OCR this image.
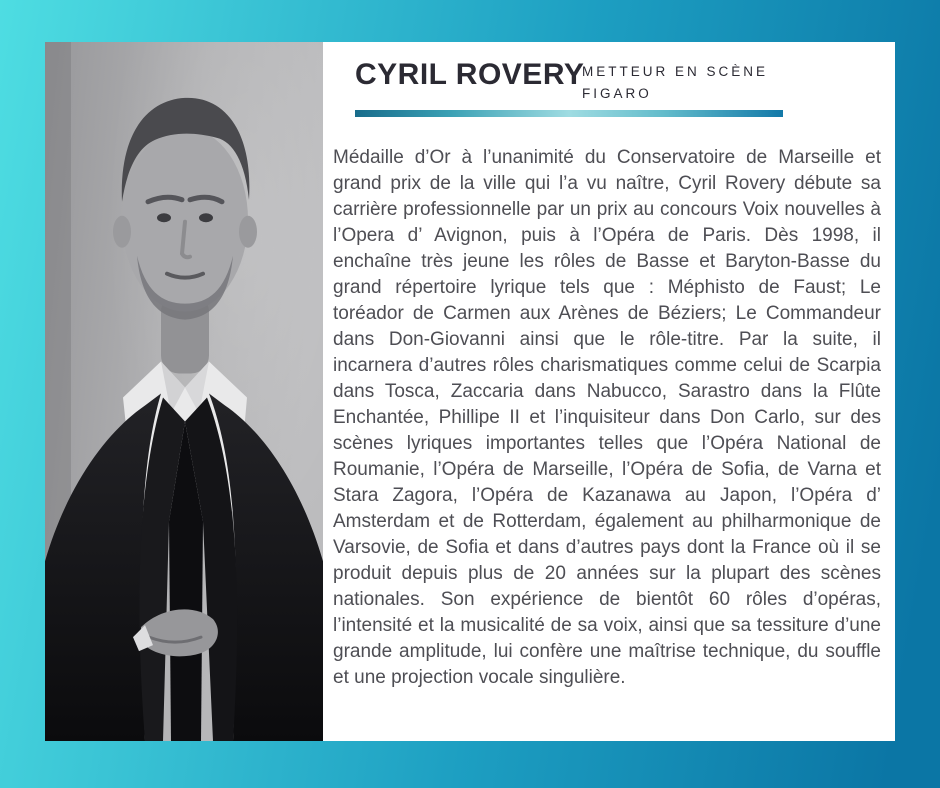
CYRIL ROVERY
METTEUR EN SCÈNE
FIGARO

Médaille d’Or à l’unanimité du Conservatoire de Marseille et grand prix de la ville qui l’a vu naître, Cyril Rovery débute sa carrière professionnelle par un prix au concours Voix nouvelles à l’Opera d’ Avignon, puis à l’Opéra de Paris. Dès 1998, il enchaîne très jeune les rôles de Basse et Baryton-Basse du grand répertoire lyrique tels que : Méphisto de Faust; Le toréador de Carmen aux Arènes de Béziers; Le Commandeur dans Don-Giovanni ainsi que le rôle-titre. Par la suite, il incarnera d’autres rôles charismatiques comme celui de Scarpia dans Tosca, Zaccaria dans Nabucco, Sarastro dans la Flûte Enchantée, Phillipe II et l’inquisiteur dans Don Carlo, sur des scènes lyriques importantes telles que l’Opéra National de Roumanie, l’Opéra de Marseille, l’Opéra de Sofia, de Varna et Stara Zagora, l’Opéra de Kazanawa au Japon, l’Opéra d’ Amsterdam et de Rotterdam, également au philharmonique de Varsovie, de Sofia et dans d’autres pays dont la France où il se produit depuis plus de 20 années sur la plupart des scènes nationales. Son expérience de bientôt 60 rôles d’opéras, l’intensité et la musicalité de sa voix, ainsi que sa tessiture d’une grande amplitude, lui confère une maîtrise technique, du souffle et une projection vocale singulière.
